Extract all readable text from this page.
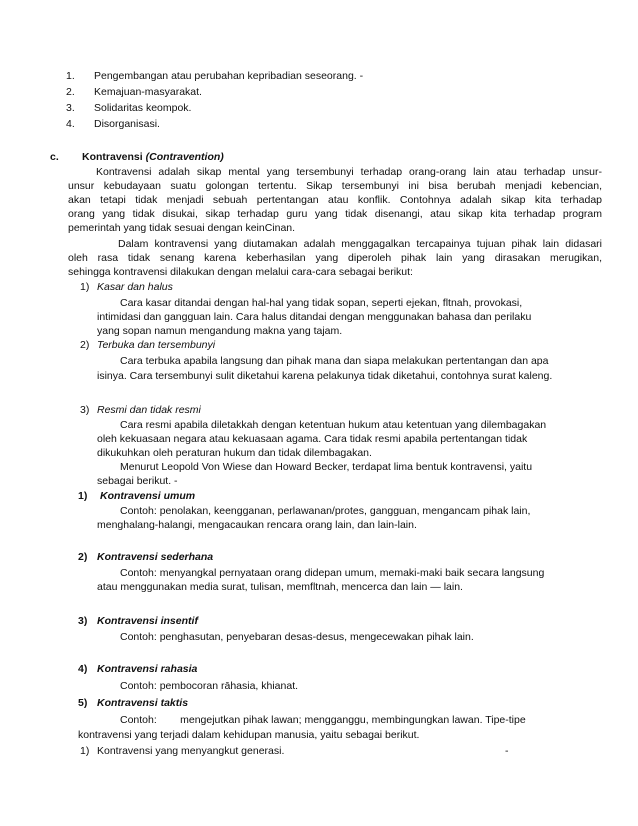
1. Pengembangan atau perubahan kepribadian seseorang. -
2. Kemajuan-masyarakat.
3. Solidaritas keompok.
4. Disorganisasi.
c. Kontravensi (Contravention)
Kontravensi adalah sikap mental yang tersembunyi terhadap orang-orang lain atau terhadap unsur-
unsur kebudayaan suatu golongan tertentu. Sikap tersembunyi ini bisa berubah menjadi kebencian,
akan tetapi tidak menjadi sebuah pertentangan atau konflik. Contohnya adalah sikap kita terhadap
orang yang tidak disukai, sikap terhadap guru yang tidak disenangi, atau sikap kita terhadap program
pemerintah yang tidak sesuai dengan keinCinan.
Dalam kontravensi yang diutamakan adalah menggagalkan tercapainya tujuan pihak lain didasari
oleh rasa tidak senang karena keberhasilan yang diperoleh pihak lain yang dirasakan merugikan,
sehingga kontravensi dilakukan dengan melalui cara-cara sebagai berikut:
1) Kasar dan halus
Cara kasar ditandai dengan hal-hal yang tidak sopan, seperti ejekan, fltnah, provokasi,
intimidasi dan gangguan lain. Cara halus ditandai dengan menggunakan bahasa dan perilaku
yang sopan namun mengandung makna yang tajam.
2) Terbuka dan tersembunyi
Cara terbuka apabila langsung dan pihak mana dan siapa melakukan pertentangan dan apa
isinya. Cara tersembunyi sulit diketahui karena pelakunya tidak diketahui, contohnya surat kaleng.
3) Resmi dan tidak resmi
Cara resmi apabila diletakkah dengan ketentuan hukum atau ketentuan yang dilembagakan
oleh kekuasaan negara atau kekuasaan agama. Cara tidak resmi apabila pertentangan tidak
dikukuhkan oleh peraturan hukum dan tidak dilembagakan.
Menurut Leopold Von Wiese dan Howard Becker, terdapat lima bentuk kontravensi, yaitu
sebagai berikut. -
1) Kontravensi umum
Contoh: penolakan, keengganan, perlawanan/protes, gangguan, mengancam pihak lain,
menghalang-halangi, mengacaukan rencara orang lain, dan lain-lain.
2) Kontravensi sederhana
Contoh: menyangkal pernyataan orang didepan umum, memaki-maki baik secara langsung
atau menggunakan media surat, tulisan, memfltnah, mencerca dan lain — lain.
3) Kontravensi insentif
Contoh: penghasutan, penyebaran desas-desus, mengecewakan pihak lain.
4) Kontravensi rahasia
Contoh: pembocoran rāhasia, khianat.
5) Kontravensi taktis
Contoh:        mengejutkan pihak lawan; mengganggu, membingungkan lawan. Tipe-tipe
kontravensi yang terjadi dalam kehidupan manusia, yaitu sebagai berikut.
1) Kontravensi yang menyangkut generasi.	-
